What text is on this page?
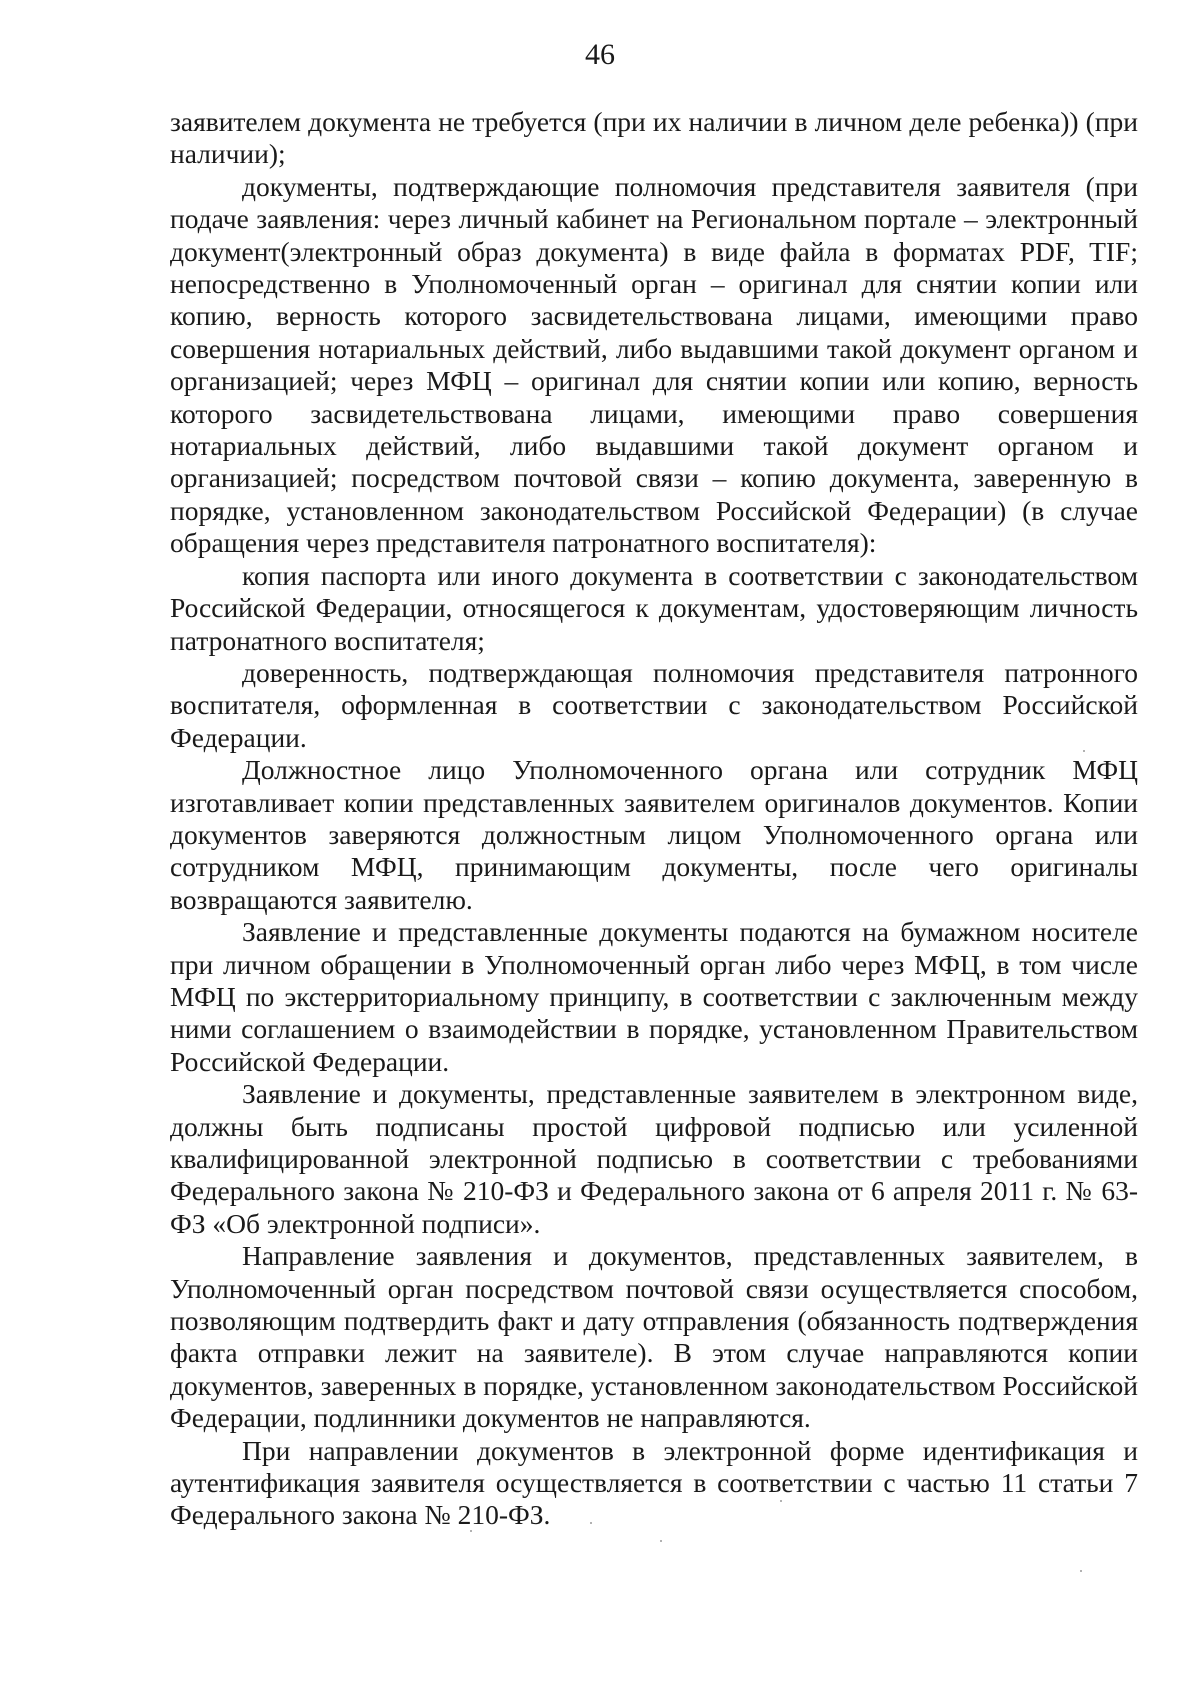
46

заявителем документа не требуется (при их наличии в личном деле ребенка)) (при наличии);

документы, подтверждающие полномочия представителя заявителя (при подаче заявления: через личный кабинет на Региональном портале – электронный документ(электронный образ документа) в виде файла в форматах PDF, TIF; непосредственно в Уполномоченный орган – оригинал для снятии копии или копию, верность которого засвидетельствована лицами, имеющими право совершения нотариальных действий, либо выдавшими такой документ органом и организацией; через МФЦ – оригинал для снятии копии или копию, верность которого засвидетельствована лицами, имеющими право совершения нотариальных действий, либо выдавшими такой документ органом и организацией; посредством почтовой связи – копию документа, заверенную в порядке, установленном законодательством Российской Федерации) (в случае обращения через представителя патронатного воспитателя):

копия паспорта или иного документа в соответствии с законодательством Российской Федерации, относящегося к документам, удостоверяющим личность патронатного воспитателя;

доверенность, подтверждающая полномочия представителя патронного воспитателя, оформленная в соответствии с законодательством Российской Федерации.

Должностное лицо Уполномоченного органа или сотрудник МФЦ изготавливает копии представленных заявителем оригиналов документов. Копии документов заверяются должностным лицом Уполномоченного органа или сотрудником МФЦ, принимающим документы, после чего оригиналы возвращаются заявителю.

Заявление и представленные документы подаются на бумажном носителе при личном обращении в Уполномоченный орган либо через МФЦ, в том числе МФЦ по экстерриториальному принципу, в соответствии с заключенным между ними соглашением о взаимодействии в порядке, установленном Правительством Российской Федерации.

Заявление и документы, представленные заявителем в электронном виде, должны быть подписаны простой цифровой подписью или усиленной квалифицированной электронной подписью в соответствии с требованиями Федерального закона № 210-ФЗ и Федерального закона от 6 апреля 2011 г. № 63-ФЗ «Об электронной подписи».

Направление заявления и документов, представленных заявителем, в Уполномоченный орган посредством почтовой связи осуществляется способом, позволяющим подтвердить факт и дату отправления (обязанность подтверждения факта отправки лежит на заявителе). В этом случае направляются копии документов, заверенных в порядке, установленном законодательством Российской Федерации, подлинники документов не направляются.

При направлении документов в электронной форме идентификация и аутентификация заявителя осуществляется в соответствии с частью 11 статьи 7 Федерального закона № 210-ФЗ.
